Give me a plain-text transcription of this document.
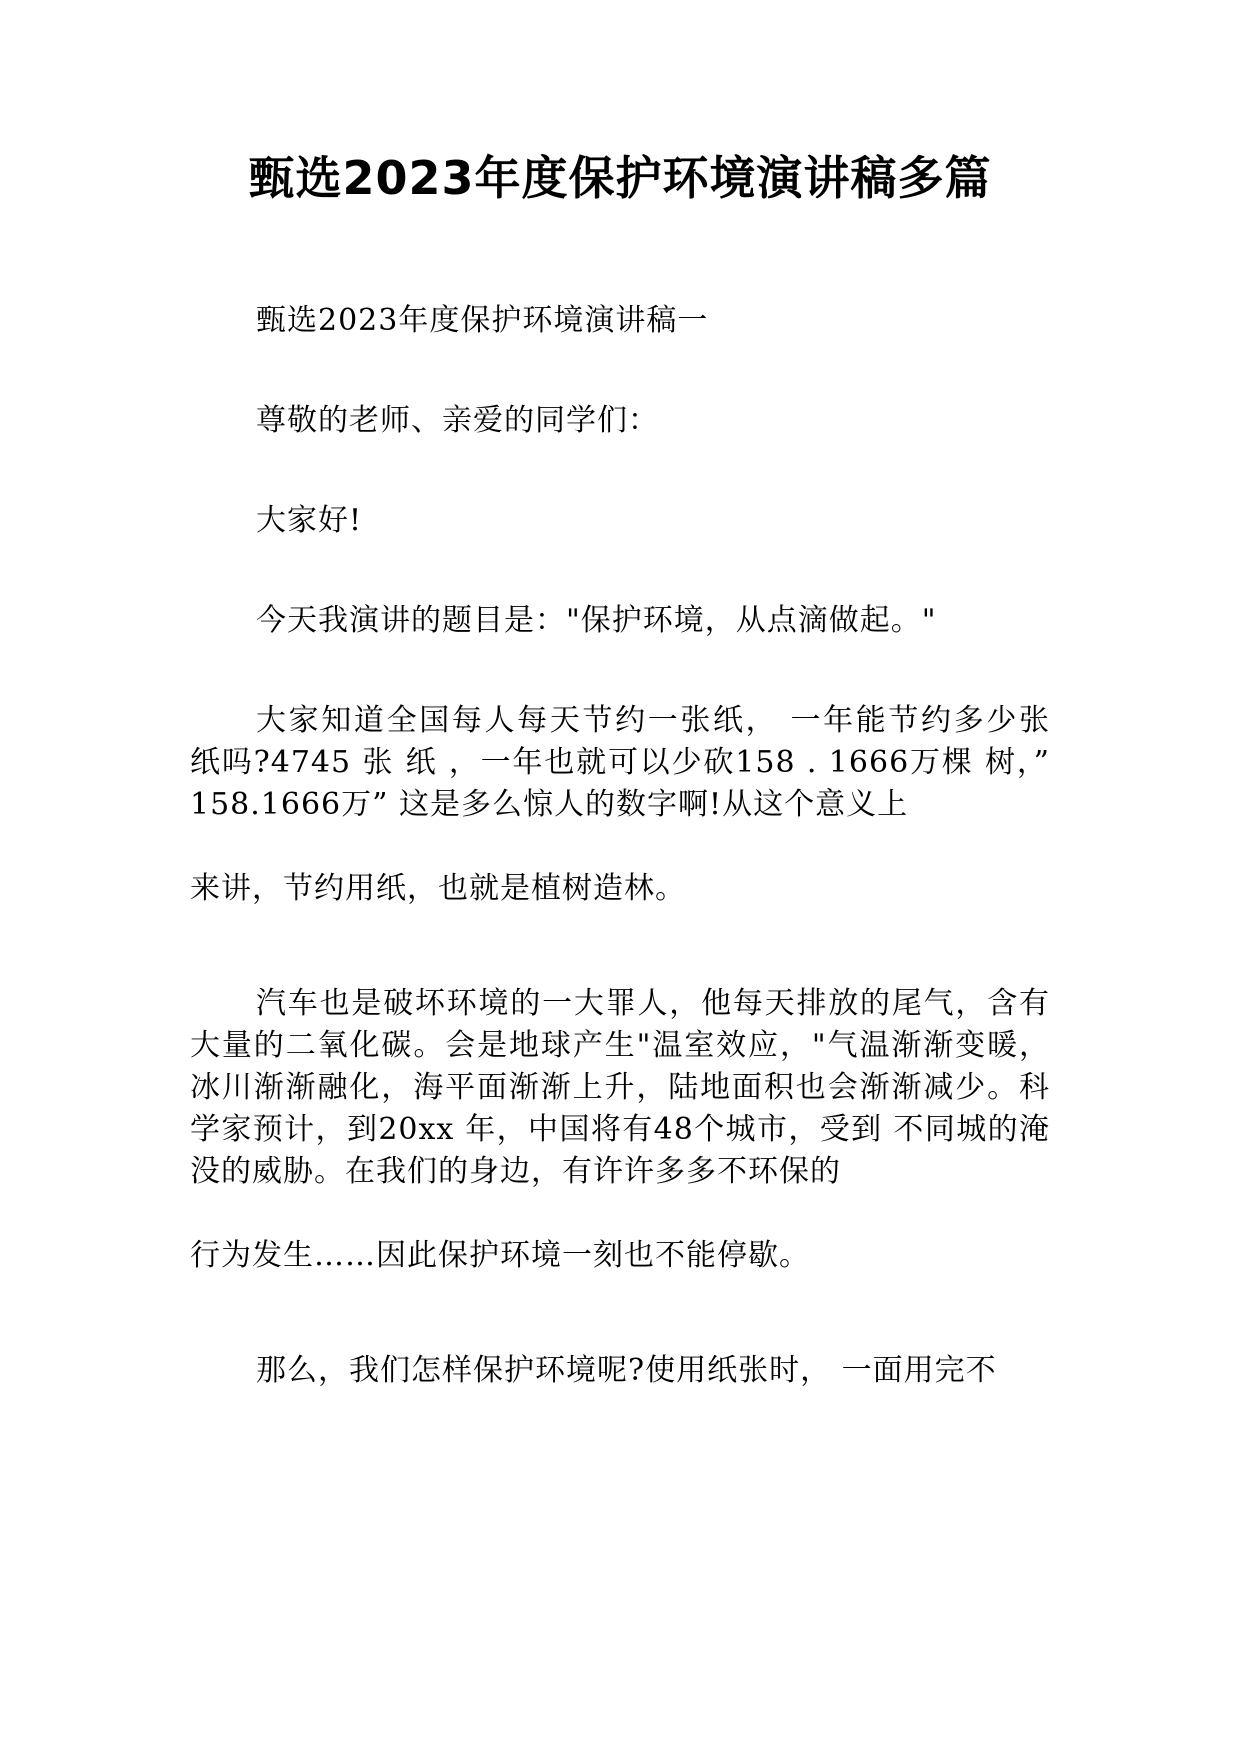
甄选2023年度保护环境演讲稿多篇
甄选2023年度保护环境演讲稿一
尊敬的老师、亲爱的同学们：
大家好!
今天我演讲的题目是："保护环境，从点滴做起。"
大家知道全国每人每天节约一张纸， 一年能节约多少张 纸吗?4745 张 纸 ，一年也就可以少砍158 . 1666万棵 树，” 158.1666万” 这是多么惊人的数字啊!从这个意义上
来讲，节约用纸，也就是植树造林。
汽车也是破坏环境的一大罪人，他每天排放的尾气，含有大量的二氧化碳。会是地球产生"温室效应，"气温渐渐变暖，冰川渐渐融化，海平面渐渐上升，陆地面积也会渐渐减少。科学家预计，到20xx 年，中国将有48个城市，受到 不同城的淹没的威胁。在我们的身边，有许许多多不环保的
行为发生……因此保护环境一刻也不能停歇。
那么，我们怎样保护环境呢?使用纸张时， 一面用完不
